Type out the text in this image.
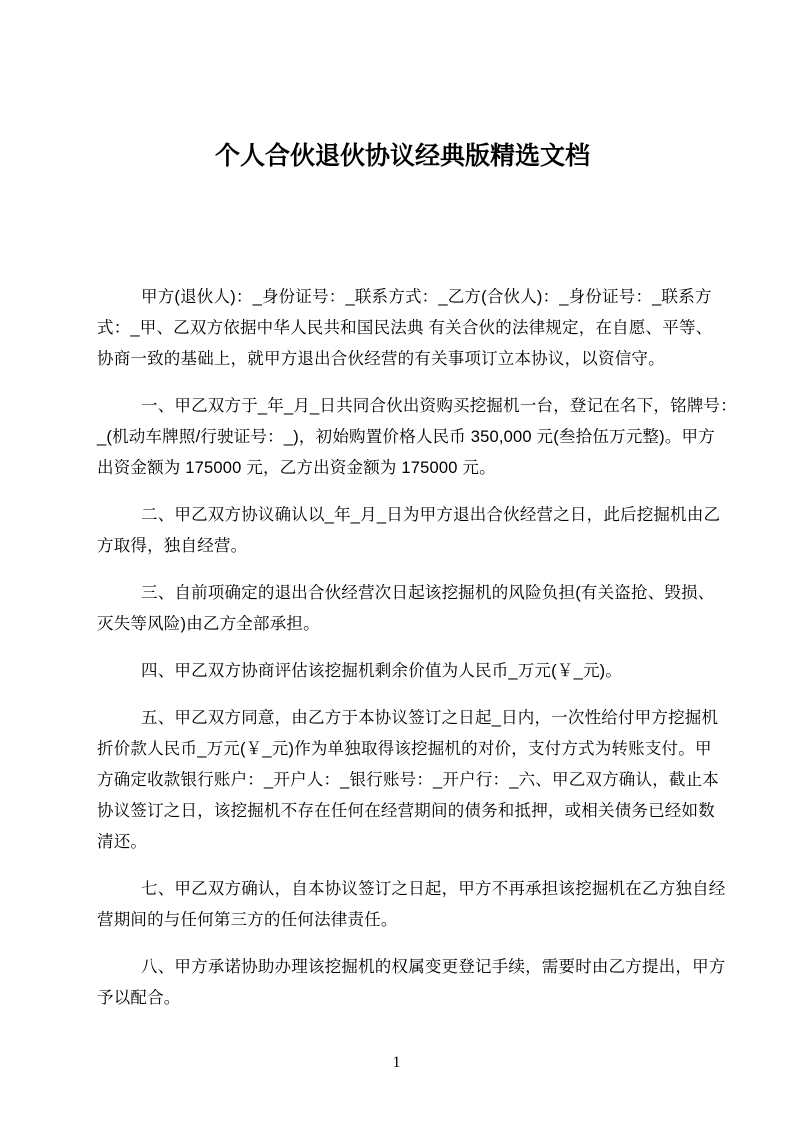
个人合伙退伙协议经典版精选文档
甲方(退伙人)：_身份证号：_联系方式：_乙方(合伙人)：_身份证号：_联系方
式：_甲、乙双方依据中华人民共和国民法典 有关合伙的法律规定，在自愿、平等、
协商一致的基础上，就甲方退出合伙经营的有关事项订立本协议，以资信守。
一、甲乙双方于_年_月_日共同合伙出资购买挖掘机一台，登记在名下，铭牌号：
_(机动车牌照/行驶证号：_)，初始购置价格人民币 350,000 元(叁拾伍万元整)。甲方
出资金额为 175000 元，乙方出资金额为 175000 元。
二、甲乙双方协议确认以_年_月_日为甲方退出合伙经营之日，此后挖掘机由乙
方取得，独自经营。
三、自前项确定的退出合伙经营次日起该挖掘机的风险负担(有关盗抢、毁损、
灭失等风险)由乙方全部承担。
四、甲乙双方协商评估该挖掘机剩余价值为人民币_万元(￥_元)。
五、甲乙双方同意，由乙方于本协议签订之日起_日内，一次性给付甲方挖掘机
折价款人民币_万元(￥_元)作为单独取得该挖掘机的对价，支付方式为转账支付。甲
方确定收款银行账户：_开户人：_银行账号：_开户行：_六、甲乙双方确认，截止本
协议签订之日，该挖掘机不存在任何在经营期间的债务和抵押，或相关债务已经如数
清还。
七、甲乙双方确认，自本协议签订之日起，甲方不再承担该挖掘机在乙方独自经
营期间的与任何第三方的任何法律责任。
八、甲方承诺协助办理该挖掘机的权属变更登记手续，需要时由乙方提出，甲方
予以配合。
1
